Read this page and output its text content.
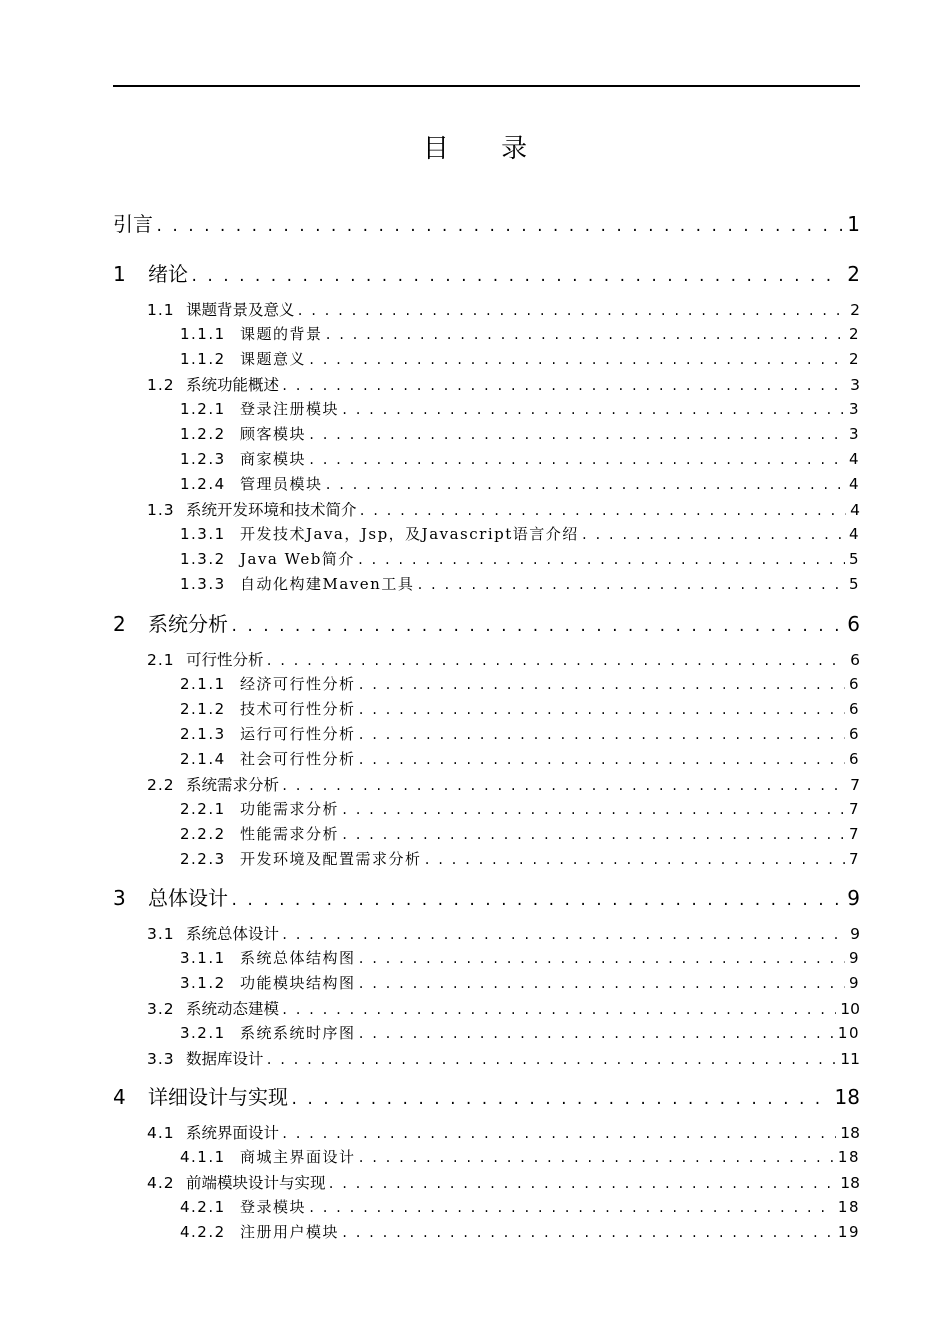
目 录
引言 . . .	1
1	绪论 . . .	2
1.1 课题背景及意义 . . .	2
1.1.1 课题的背景 . . .	2
1.1.2 课题意义 . . .	2
1.2 系统功能概述 . . .	3
1.2.1 登录注册模块 . . .	3
1.2.2 顾客模块 . . .	3
1.2.3 商家模块 . . .	4
1.2.4 管理员模块 . . .	4
1.3 系统开发环境和技术简介 . . .	4
1.3.1 开发技术Java，Jsp，及Javascript语言介绍 . . .	4
1.3.2 Java Web简介 . . .	5
1.3.3 自动化构建Maven工具 . . .	5
2	系统分析 . . .	6
2.1 可行性分析 . . .	6
2.1.1 经济可行性分析 . . .	6
2.1.2 技术可行性分析 . . .	6
2.1.3 运行可行性分析 . . .	6
2.1.4 社会可行性分析 . . .	6
2.2 系统需求分析 . . .	7
2.2.1 功能需求分析 . . .	7
2.2.2 性能需求分析 . . .	7
2.2.3 开发环境及配置需求分析 . . .	7
3	总体设计 . . .	9
3.1 系统总体设计 . . .	9
3.1.1 系统总体结构图 . . .	9
3.1.2 功能模块结构图 . . .	9
3.2 系统动态建模 . . .	10
3.2.1 系统系统时序图 . . .	10
3.3 数据库设计 . . .	11
4	详细设计与实现 . . .	18
4.1 系统界面设计 . . .	18
4.1.1 商城主界面设计 . . .	18
4.2 前端模块设计与实现 . . .	18
4.2.1 登录模块 . . .	18
4.2.2 注册用户模块 . . .	19
